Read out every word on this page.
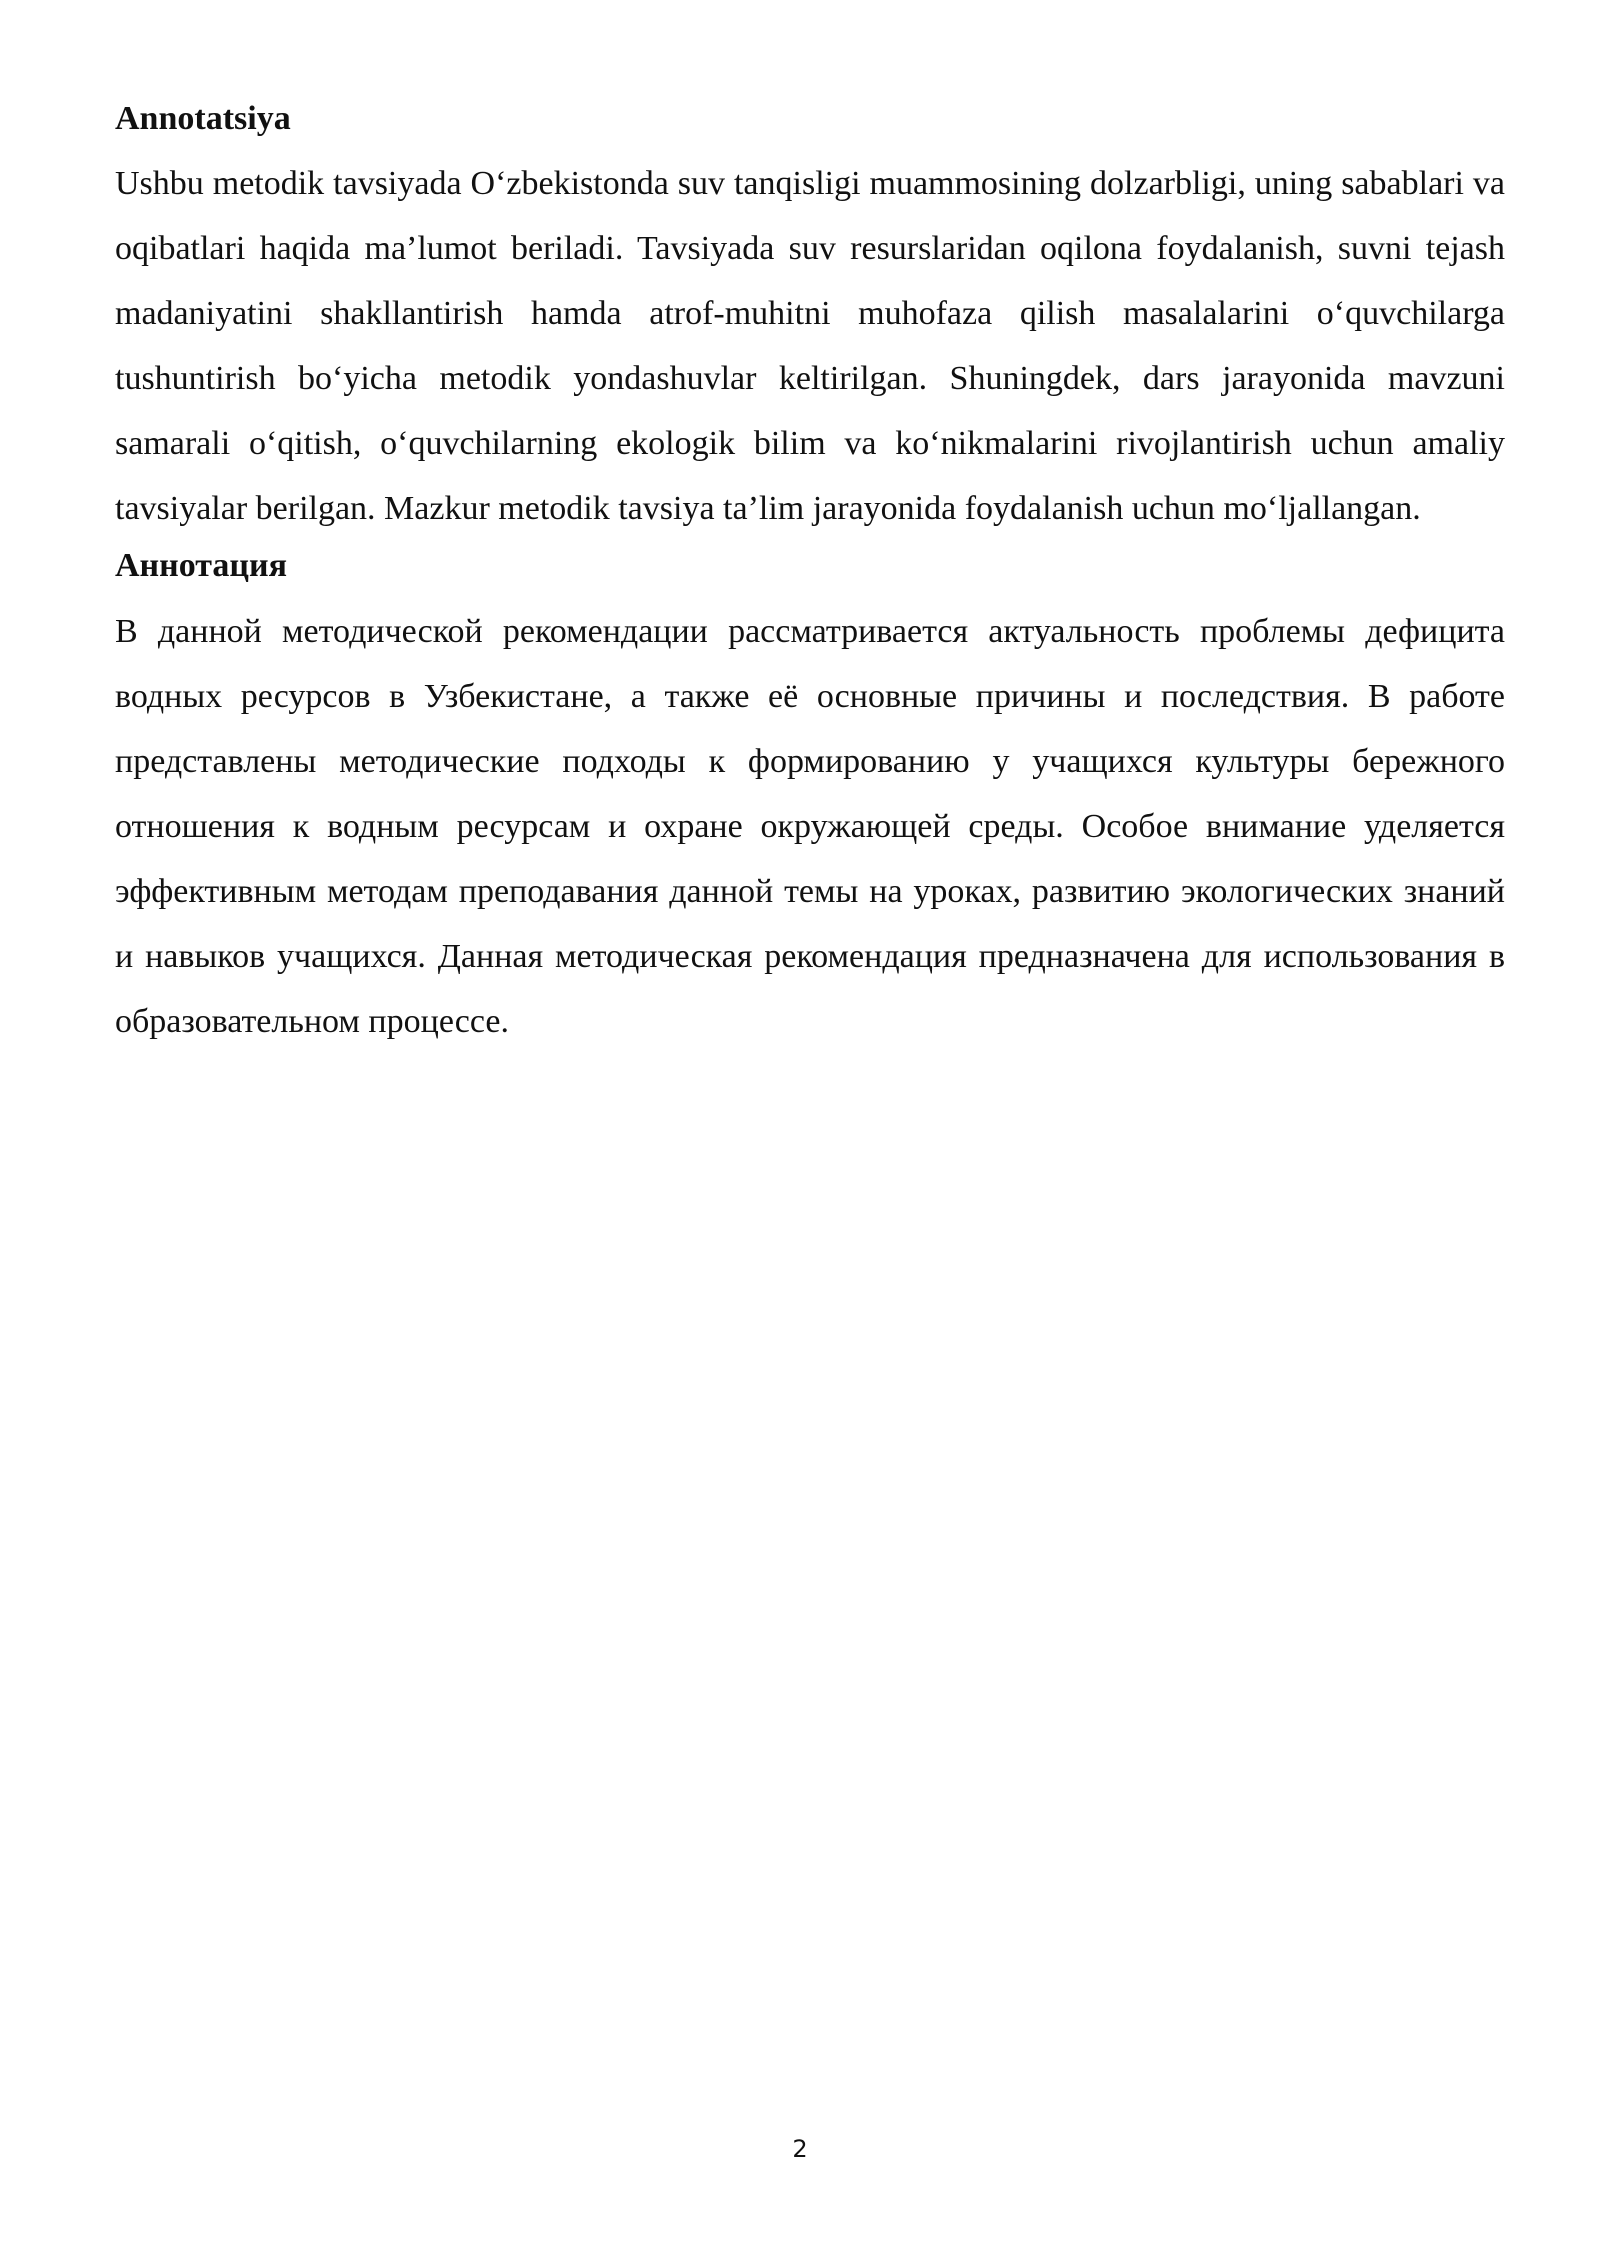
Annotatsiya

Ushbu metodik tavsiyada O‘zbekistonda suv tanqisligi muammosining dolzarbligi, uning sabablari va oqibatlari haqida ma’lumot beriladi. Tavsiyada suv resurslaridan oqilona foydalanish, suvni tejash madaniyatini shakllantirish hamda atrof-muhitni muhofaza qilish masalalarini o‘quvchilarga tushuntirish bo‘yicha metodik yondashuvlar keltirilgan. Shuningdek, dars jarayonida mavzuni samarali o‘qitish, o‘quvchilarning ekologik bilim va ko‘nikmalarini rivojlantirish uchun amaliy tavsiyalar berilgan. Mazkur metodik tavsiya ta’lim jarayonida foydalanish uchun mo‘ljallangan.

Аннотация

В данной методической рекомендации рассматривается актуальность проблемы дефицита водных ресурсов в Узбекистане, а также её основные причины и последствия. В работе представлены методические подходы к формированию у учащихся культуры бережного отношения к водным ресурсам и охране окружающей среды. Особое внимание уделяется эффективным методам преподавания данной темы на уроках, развитию экологических знаний и навыков учащихся. Данная методическая рекомендация предназначена для использования в образовательном процессе.

2
